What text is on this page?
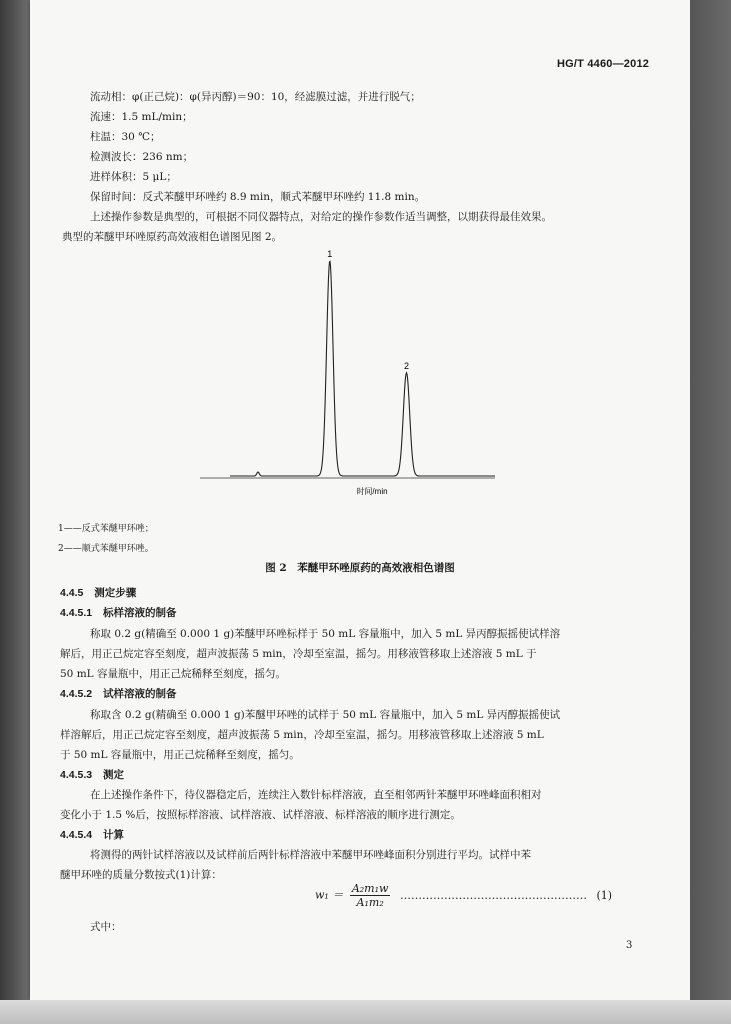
HG/T 4460—2012
流动相：φ(正己烷)：φ(异丙醇)＝90：10，经滤膜过滤，并进行脱气；
流速：1.5 mL/min；
柱温：30 ℃；
检测波长：236 nm；
进样体积：5 μL；
保留时间：反式苯醚甲环唑约 8.9 min，顺式苯醚甲环唑约 11.8 min。
上述操作参数是典型的，可根据不同仪器特点，对给定的操作参数作适当调整，以期获得最佳效果。
典型的苯醚甲环唑原药高效液相色谱图见图 2。
1
2
时间/min
1——反式苯醚甲环唑；
2——顺式苯醚甲环唑。
图 2　苯醚甲环唑原药的高效液相色谱图
4.4.5 测定步骤
4.4.5.1 标样溶液的制备
称取 0.2 g(精确至 0.000 1 g)苯醚甲环唑标样于 50 mL 容量瓶中，加入 5 mL 异丙醇振摇使试样溶
解后，用正己烷定容至刻度，超声波振荡 5 min，冷却至室温，摇匀。用移液管移取上述溶液 5 mL 于
50 mL 容量瓶中，用正己烷稀释至刻度，摇匀。
4.4.5.2 试样溶液的制备
称取含 0.2 g(精确至 0.000 1 g)苯醚甲环唑的试样于 50 mL 容量瓶中，加入 5 mL 异丙醇振摇使试
样溶解后，用正己烷定容至刻度，超声波振荡 5 min，冷却至室温，摇匀。用移液管移取上述溶液 5 mL
于 50 mL 容量瓶中，用正己烷稀释至刻度，摇匀。
4.4.5.3 测定
在上述操作条件下，待仪器稳定后，连续注入数针标样溶液，直至相邻两针苯醚甲环唑峰面积相对
变化小于 1.5 %后，按照标样溶液、试样溶液、试样溶液、标样溶液的顺序进行测定。
4.4.5.4 计算
将测得的两针试样溶液以及试样前后两针标样溶液中苯醚甲环唑峰面积分别进行平均。试样中苯
醚甲环唑的质量分数按式(1)计算：
$w_1 = \frac{\text{A₂m₁w}}{\text{A₁m₂}}$ …………………………………………… (1)
式中：
3
